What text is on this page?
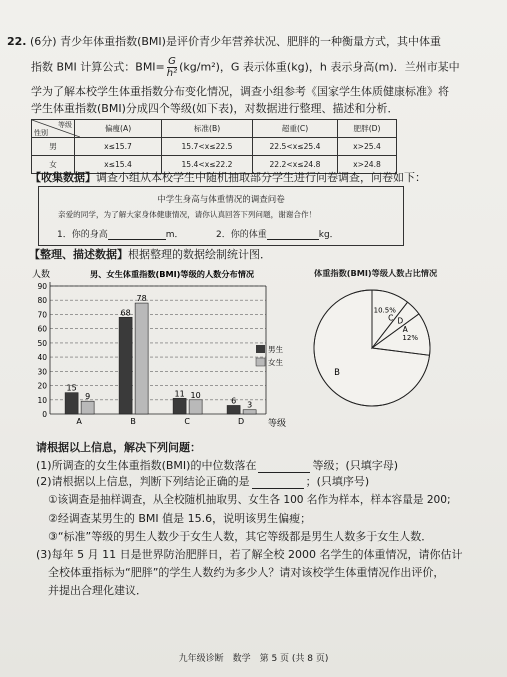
22. (6分) 青少年体重指数(BMI)是评价青少年营养状况、肥胖的一种衡量方式，其中体重
指数 BMI 计算公式：$BMI= \frac{G}{\text{h²}} (kg/m^2)$，G 表示体重(kg)，h 表示身高(m)．兰州市某中
学为了解本校学生体重指数分布变化情况，调查小组参考《国家学生体质健康标准》将
学生体重指数(BMI)分成四个等级(如下表)，对数据进行整理、描述和分析．
等级
性别	偏瘦(A)	标准(B)	超重(C)	肥胖(D)
男	x≤15.7	15.7<x≤22.5	22.5<x≤25.4	x>25.4
女	x≤15.4	15.4<x≤22.2	22.2<x≤24.8	x>24.8
【收集数据】调查小组从本校学生中随机抽取部分学生进行问卷调查，问卷如下：
中学生身高与体重情况的调查问卷
亲爱的同学，为了解大家身体健康情况，请你认真回答下列问题，谢谢合作！
1．你的身高	m．	2．你的体重	kg．
【整理、描述数据】根据整理的数据绘制统计图．
人数	男、女生体重指数(BMI)等级的人数分布情况
等级
0
10
20
30
40
50
60
70
80
90
15
9
A
68
78
B
11 10
C
6 3
D
男生
女生
体重指数(BMI)等级人数占比情况
10.5%
C D
12%
A
B
请根据以上信息，解决下列问题：
(1)所调查的女生体重指数(BMI)的中位数落在	等级；(只填字母)
(2)请根据以上信息，判断下列结论正确的是	；(只填序号)
①该调查是抽样调查，从全校随机抽取男、女生各 100 名作为样本，样本容量是 200;
②经调查某男生的 BMI 值是 15.6，说明该男生偏瘦；
③“标准”等级的男生人数少于女生人数，其它等级都是男生人数多于女生人数．
(3)每年 5 月 11 日是世界防治肥胖日，若了解全校 2000 名学生的体重情况，请你估计
全校体重指标为“肥胖”的学生人数约为多少人？请对该校学生体重情况作出评价，
并提出合理化建议．
九年级诊断　数学　第 5 页 (共 8 页)
